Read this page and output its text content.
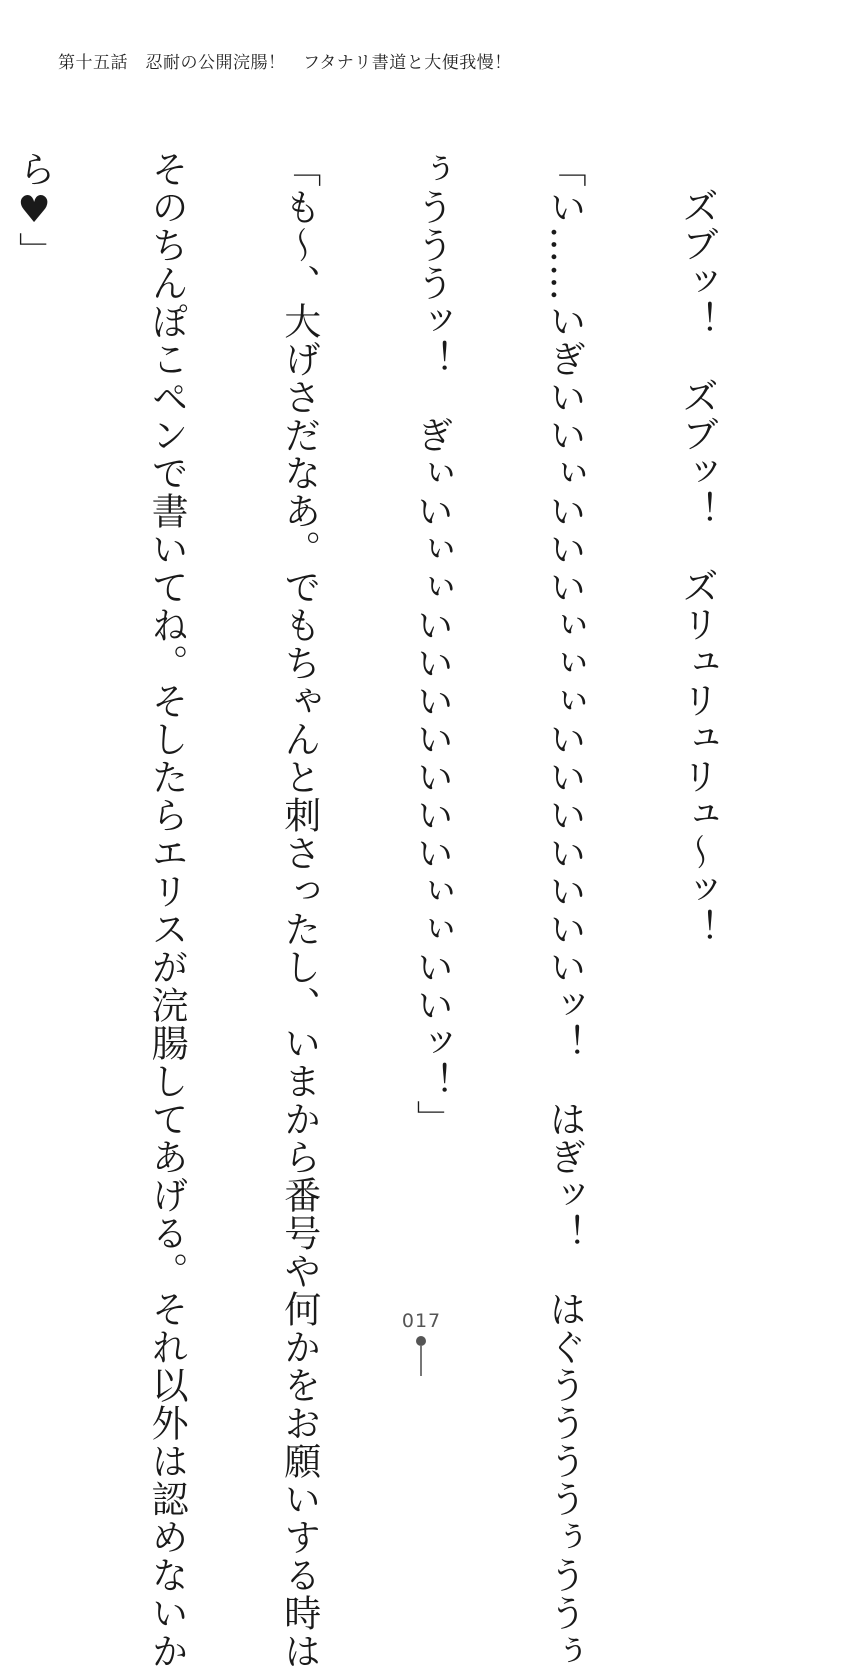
第十五話　忍耐の公開浣腸！　フタナリ書道と大便我慢！

ズブッ！　ズブッ！　ズリュリュリュ〜ッ！

「い……いぎいいぃいいいぃぃぃいいいいいいいッ！　はぎッ！　はぐううううぅううぅ

ぅうううッ！　ぎぃいぃぃいいいいいいいぃぃいいッ！」

「も〜、大げさだなあ。でもちゃんと刺さったし、いまから番号や何かをお願いする時は

そのちんぽこペンで書いてね。そしたらエリスが浣腸してあげる。それ以外は認めないか

ら♥」

017
